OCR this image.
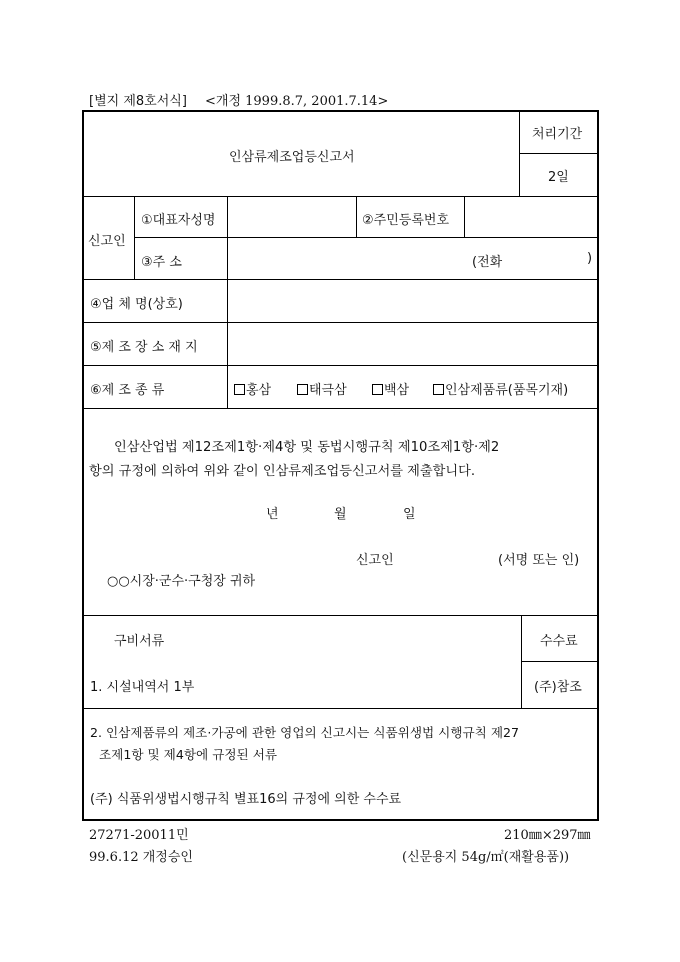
[별지 제8호서식] <개정 1999.8.7, 2001.7.14>
인삼류제조업등신고서
처리기간
2일
신고인
①대표자성명	②주민등록번호
③주 소	(전화	)
④업 체 명(상호)
⑤제 조 장 소 재 지
⑥제 조 종 류	홍삼	태극삼	백삼	인삼제품류(품목기재)
인삼산업법 제12조제1항·제4항 및 동법시행규칙 제10조제1항·제2
항의 규정에 의하여 위와 같이 인삼류제조업등신고서를 제출합니다.
년	월	일
신고인	(서명 또는 인)
○○시장·군수·구청장 귀하
구비서류	수수료
1. 시설내역서 1부	(주)참조
2. 인삼제품류의 제조·가공에 관한 영업의 신고시는 식품위생법 시행규칙 제27
조제1항 및 제4항에 규정된 서류
(주) 식품위생법시행규칙 별표16의 규정에 의한 수수료
27271-20011민
99.6.12 개정승인
210㎜×297㎜
(신문용지 54g/㎡(재활용품))
